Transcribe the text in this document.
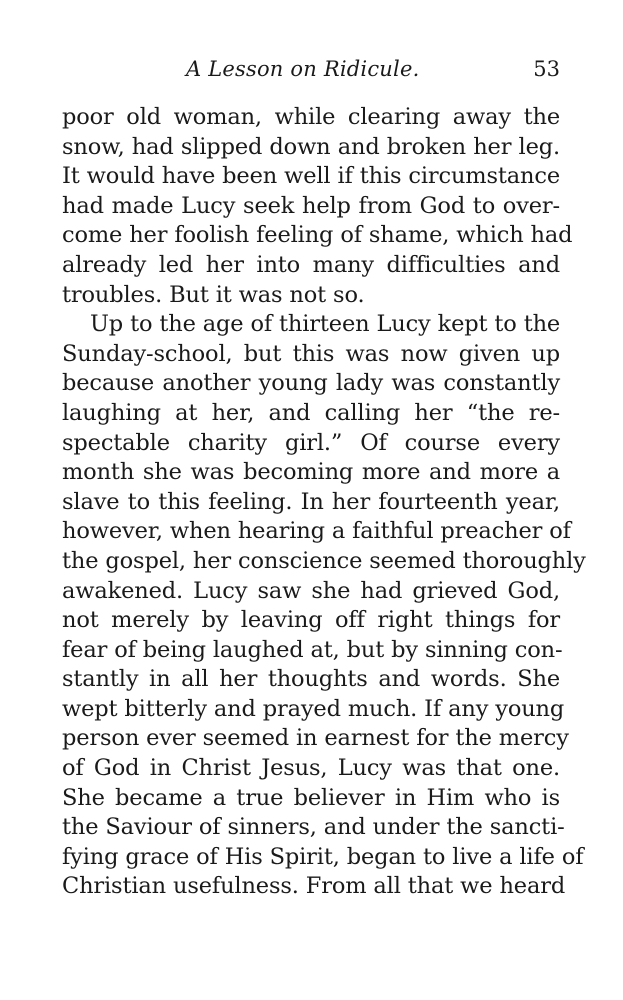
A Lesson on Ridicule.	53
poor old woman, while clearing away the
snow, had slipped down and broken her leg.
It would have been well if this circumstance
had made Lucy seek help from God to over-
come her foolish feeling of shame, which had
already led her into many difficulties and
troubles. But it was not so.
Up to the age of thirteen Lucy kept to the
Sunday-school, but this was now given up
because another young lady was constantly
laughing at her, and calling her “the re-
spectable charity girl.” Of course every
month she was becoming more and more a
slave to this feeling. In her fourteenth year,
however, when hearing a faithful preacher of
the gospel, her conscience seemed thoroughly
awakened. Lucy saw she had grieved God,
not merely by leaving off right things for
fear of being laughed at, but by sinning con-
stantly in all her thoughts and words. She
wept bitterly and prayed much. If any young
person ever seemed in earnest for the mercy
of God in Christ Jesus, Lucy was that one.
She became a true believer in Him who is
the Saviour of sinners, and under the sancti-
fying grace of His Spirit, began to live a life of
Christian usefulness. From all that we heard
